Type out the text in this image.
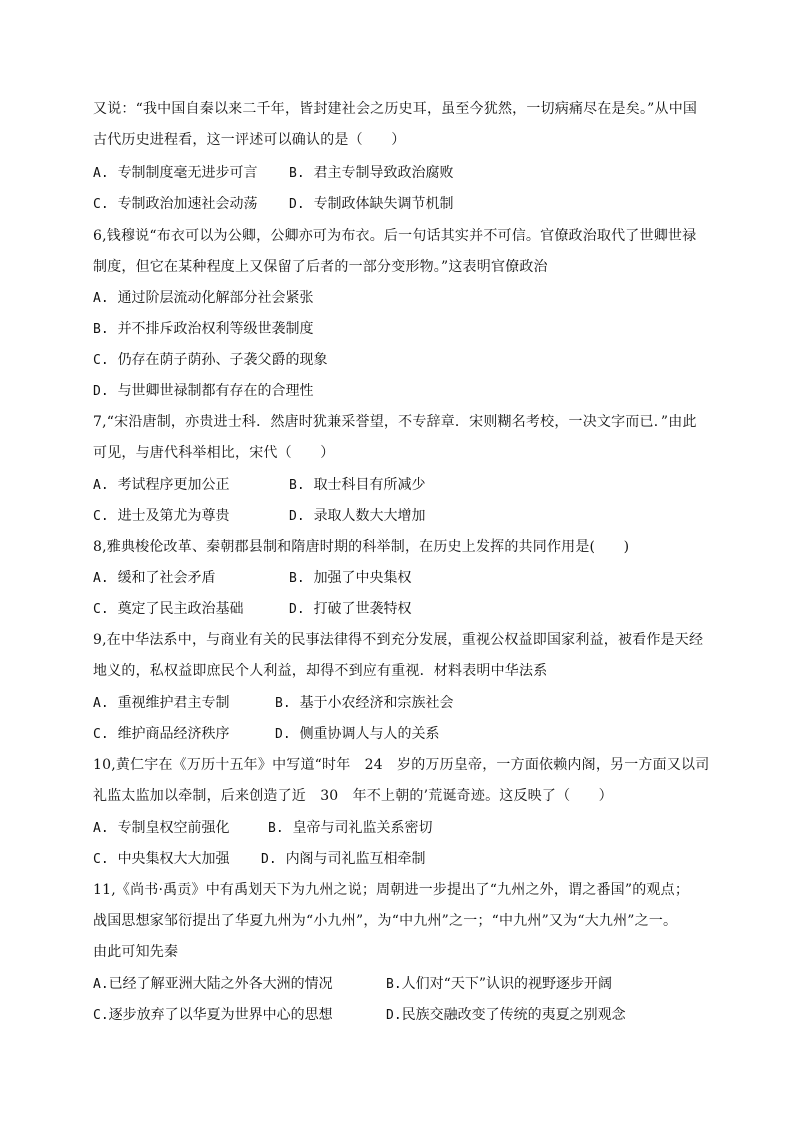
又说：“我中国自秦以来二千年，皆封建社会之历史耳，虽至今犹然，一切病痛尽在是矣。”从中国
古代历史进程看，这一评述可以确认的是（　　）
A. 专制制度毫无进步可言 B. 君主专制导致政治腐败
C. 专制政治加速社会动荡 D. 专制政体缺失调节机制
6,钱穆说“布衣可以为公卿，公卿亦可为布衣。后一句话其实并不可信。官僚政治取代了世卿世禄
制度，但它在某种程度上又保留了后者的一部分变形物。”这表明官僚政治
A. 通过阶层流动化解部分社会紧张
B. 并不排斥政治权利等级世袭制度
C. 仍存在荫子荫孙、子袭父爵的现象
D. 与世卿世禄制都有存在的合理性
7,“宋沿唐制，亦贵进士科．然唐时犹兼采誉望，不专辞章．宋则糊名考校，一决文字而已．”由此
可见，与唐代科举相比，宋代（　　）
A. 考试程序更加公正	B. 取士科目有所减少
C. 进士及第尤为尊贵	D. 录取人数大大增加
8,雅典梭伦改革、秦朝郡县制和隋唐时期的科举制，在历史上发挥的共同作用是(　　)
A. 缓和了社会矛盾	B. 加强了中央集权
C. 奠定了民主政治基础	D. 打破了世袭特权
9,在中华法系中，与商业有关的民事法律得不到充分发展，重视公权益即国家利益，被看作是天经
地义的，私权益即庶民个人利益，却得不到应有重视．材料表明中华法系
A. 重视维护君主专制	B. 基于小农经济和宗族社会
C. 维护商品经济秩序	D. 侧重协调人与人的关系
10,黄仁宇在《万历十五年》中写道“时年　24　岁的万历皇帝，一方面依赖内阁，另一方面又以司
礼监太监加以牵制，后来创造了近　30　年不上朝的’荒诞奇迹。这反映了（　　）
A. 专制皇权空前强化	B. 皇帝与司礼监关系密切
C. 中央集权大大加强 D. 内阁与司礼监互相牵制
11,《尚书·禹贡》中有禹划天下为九州之说；周朝进一步提出了“九州之外，谓之番国”的观点；
战国思想家邹衍提出了华夏九州为“小九州”，为“中九州”之一；“中九州”又为“大九州”之一。
由此可知先秦
A.已经了解亚洲大陆之外各大洲的情况	B.人们对“天下”认识的视野逐步开阔
C.逐步放弃了以华夏为世界中心的思想	D.民族交融改变了传统的夷夏之别观念
